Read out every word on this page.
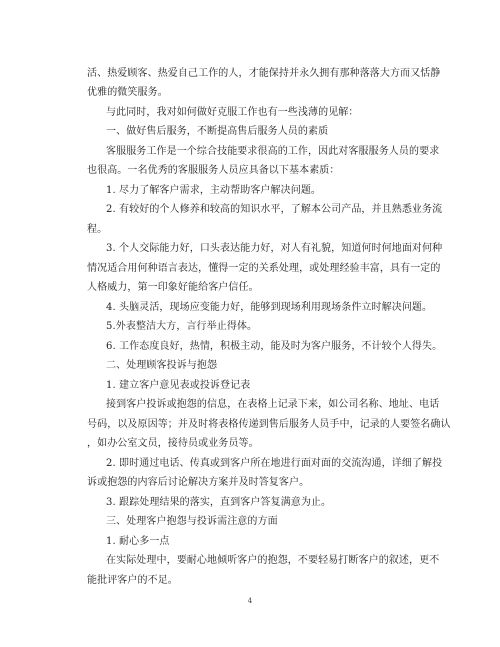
活、热爱顾客、热爱自己工作的人，才能保持并永久拥有那种落落大方而又恬静
优雅的微笑服务。
与此同时，我对如何做好克服工作也有一些浅薄的见解：
一、做好售后服务，不断提高售后服务人员的素质
客服服务工作是一个综合技能要求很高的工作，因此对客服服务人员的要求
也很高。一名优秀的客服服务人员应具备以下基本素质：
1. 尽力了解客户需求，主动帮助客户解决问题。
2. 有较好的个人修养和较高的知识水平，了解本公司产品，并且熟悉业务流
程。
3. 个人交际能力好，口头表达能力好，对人有礼貌，知道何时何地面对何种
情况适合用何种语言表达，懂得一定的关系处理，或处理经验丰富，具有一定的
人格威力，第一印象好能给客户信任。
4. 头脑灵活，现场应变能力好，能够到现场利用现场条件立时解决问题。
5.外表整洁大方，言行举止得体。
6. 工作态度良好，热情，积极主动，能及时为客户服务，不计较个人得失。
二、处理顾客投诉与抱怨
1. 建立客户意见表或投诉登记表
接到客户投诉或抱怨的信息，在表格上记录下来，如公司名称、地址、电话
号码，以及原因等；并及时将表格传递到售后服务人员手中，记录的人要签名确认
，如办公室文员，接待员或业务员等。
2. 即时通过电话、传真或到客户所在地进行面对面的交流沟通，详细了解投
诉或抱怨的内容后讨论解决方案并及时答复客户。
3. 跟踪处理结果的落实，直到客户答复满意为止。
三、处理客户抱怨与投诉需注意的方面
1. 耐心多一点
在实际处理中，要耐心地倾听客户的抱怨，不要轻易打断客户的叙述，更不
能批评客户的不足。
4
